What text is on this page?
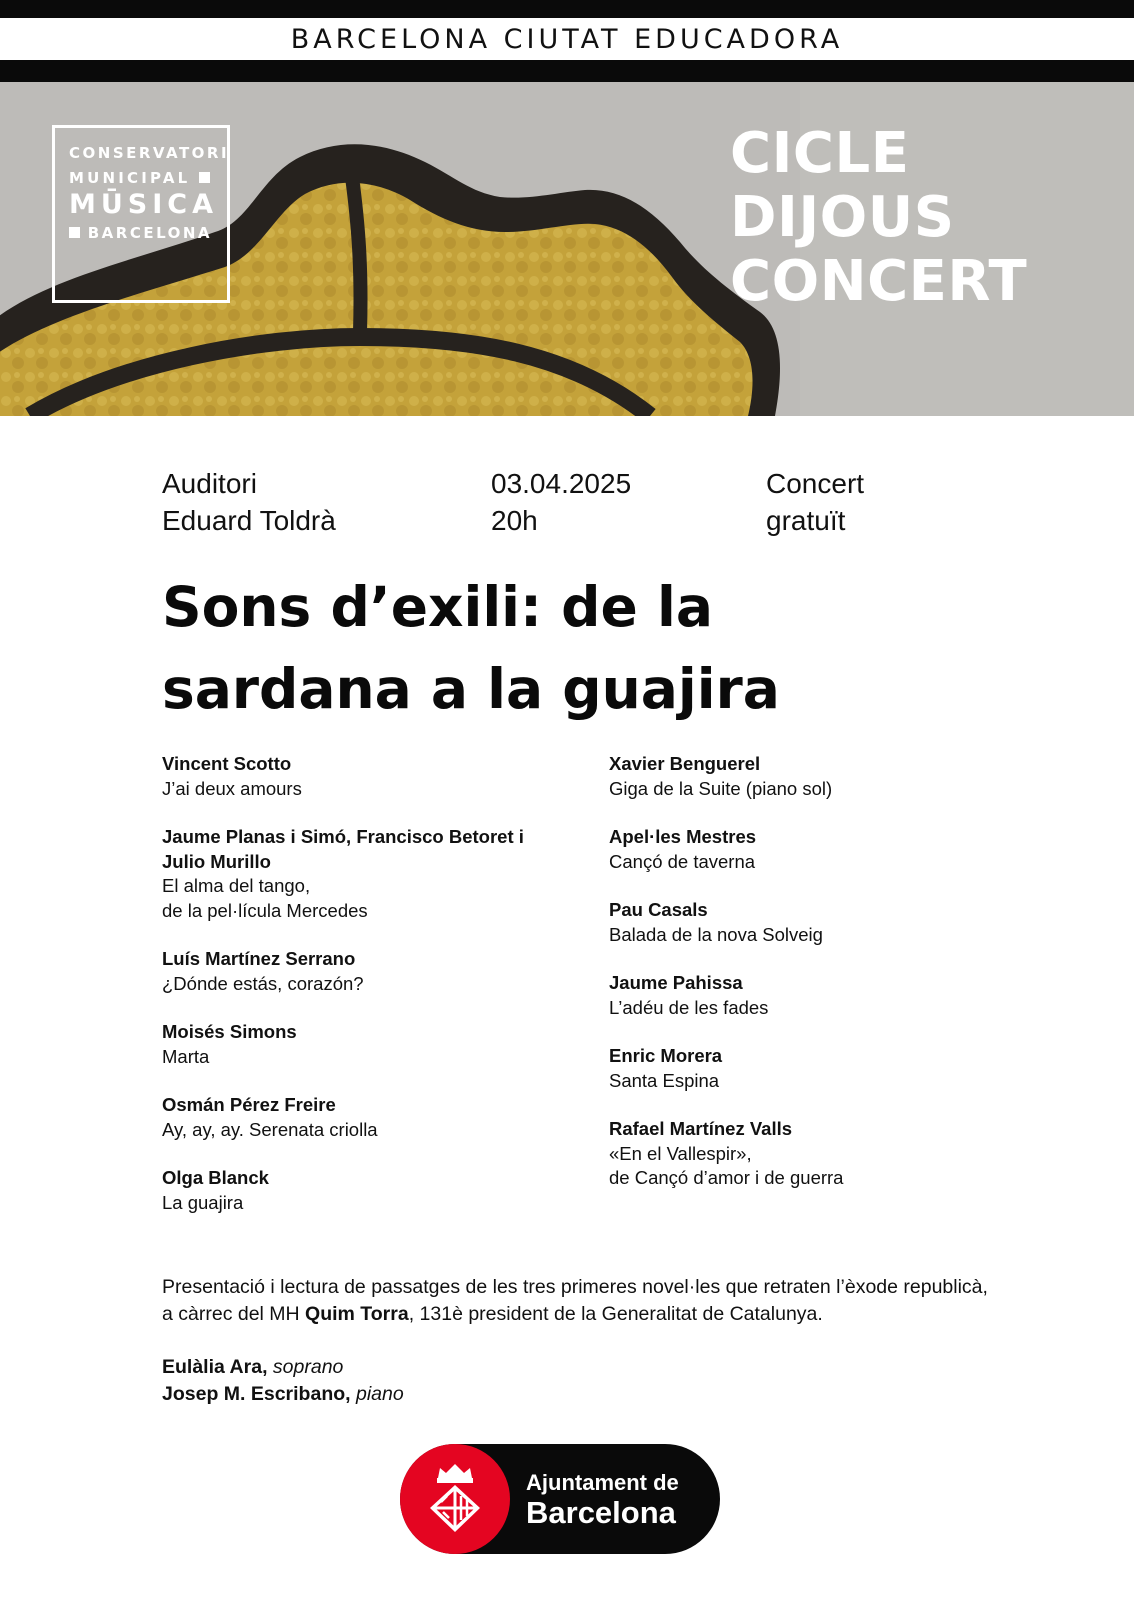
BARCELONA CIUTAT EDUCADORA
CONSERVATORI
MUNICIPAL
MŪSICA
BARCELONA
CICLE
DIJOUS
CONCERT
Auditori
Eduard Toldrà
03.04.2025
20h
Concert
gratuït
Sons d’exili: de la
sardana a la guajira
Vincent Scotto
J’ai deux amours
Jaume Planas i Simó, Francisco Betoret i Julio Murillo
El alma del tango,
de la pel·lícula Mercedes
Luís Martínez Serrano
¿Dónde estás, corazón?
Moisés Simons
Marta
Osmán Pérez Freire
Ay, ay, ay. Serenata criolla
Olga Blanck
La guajira
Xavier Benguerel
Giga de la Suite (piano sol)
Apel·les Mestres
Cançó de taverna
Pau Casals
Balada de la nova Solveig
Jaume Pahissa
L’adéu de les fades
Enric Morera
Santa Espina
Rafael Martínez Valls
«En el Vallespir»,
de Cançó d’amor i de guerra
Presentació i lectura de passatges de les tres primeres novel·les que retraten l’èxode republicà,
a càrrec del MH Quim Torra, 131è president de la Generalitat de Catalunya.
Eulàlia Ara, soprano
Josep M. Escribano, piano
Ajuntament de
Barcelona
